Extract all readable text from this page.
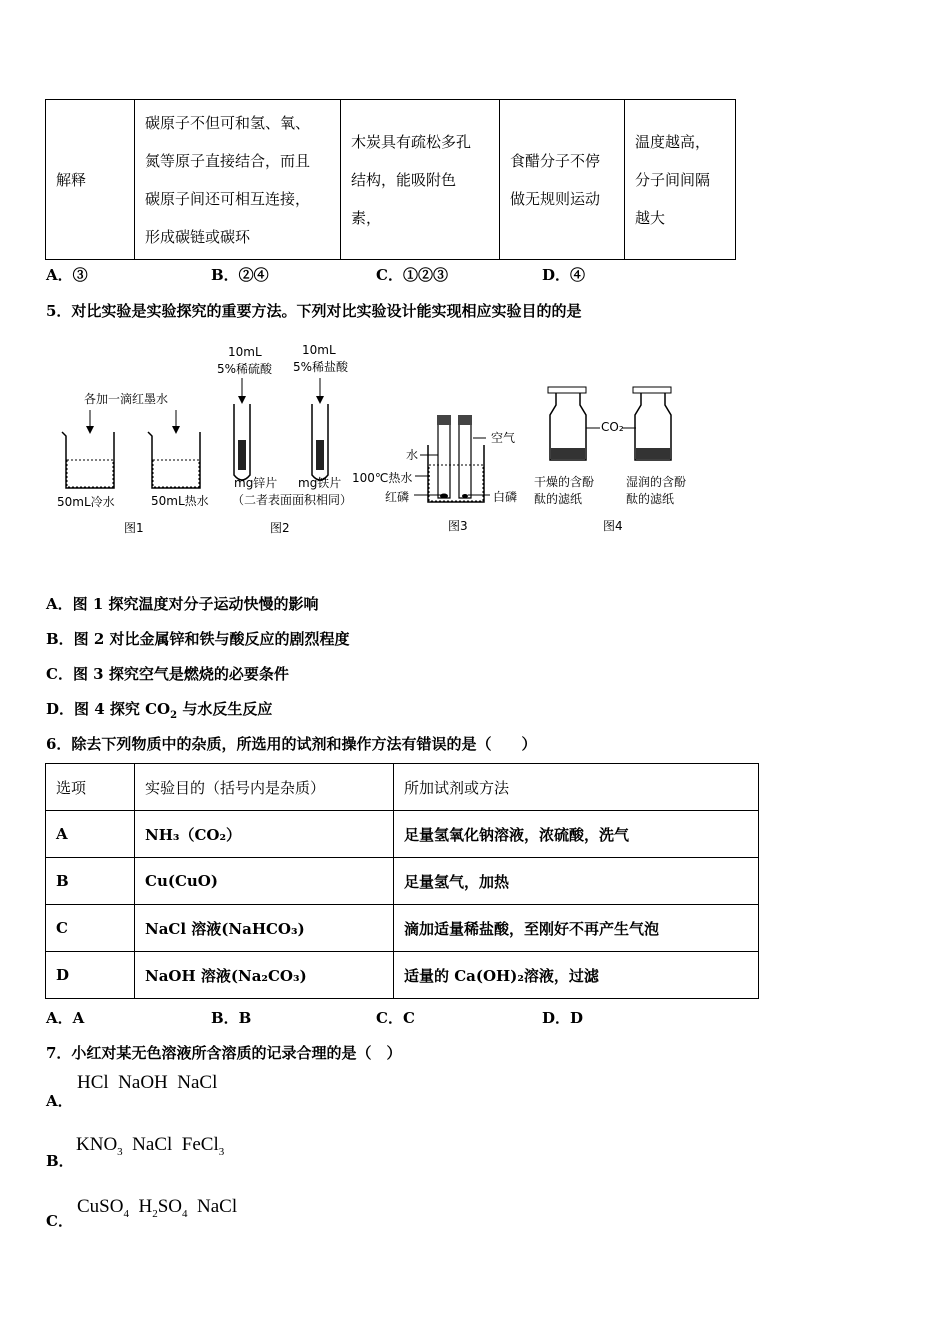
解释	
碳原子不但可和氢、氧、
氮等原子直接结合，而且
碳原子间还可相互连接，
形成碳链或碳环

木炭具有疏松多孔
结构，能吸附色
素，

食醋分子不停
做无规则运动

温度越高，
分子间间隔
越大
A．③	B．②④	C．①②③	D．④
5．对比实验是实验探究的重要方法。下列对比实验设计能实现相应实验目的的是
各加一滴红墨水
50mL冷水	50mL热水
图1
10mL
5%稀硫酸
10mL
5%稀盐酸
mg锌片 mg铁片
（二者表面面积相同）
图2
空气
水
100℃热水
红磷	白磷
图3
CO₂
干燥的含酚
酞的滤纸
湿润的含酚
酞的滤纸
图4
A．图 1 探究温度对分子运动快慢的影响
B．图 2 对比金属锌和铁与酸反应的剧烈程度
C．图 3 探究空气是燃烧的必要条件
D．图 4 探究 $CO_2$ 与水反生反应
6．除去下列物质中的杂质，所选用的试剂和操作方法有错误的是（　　）
选项	实验目的（括号内是杂质）	所加试剂或方法
A	NH₃（CO₂）	足量氢氧化钠溶液，浓硫酸，洗气
B	Cu(CuO)	足量氢气，加热
C	NaCl 溶液(NaHCO₃)	滴加适量稀盐酸，至刚好不再产生气泡
D	NaOH 溶液(Na₂CO₃)	适量的 Ca(OH)₂溶液，过滤
A．A	B．B	C．C	D．D
7．小红对某无色溶液所含溶质的记录合理的是（　）
A．
HCl  NaOH  NaCl
B．
$KNO_3$  NaCl  FeCl$_3$
C．
CuSO$_4$  $H_2SO_4$  NaCl
